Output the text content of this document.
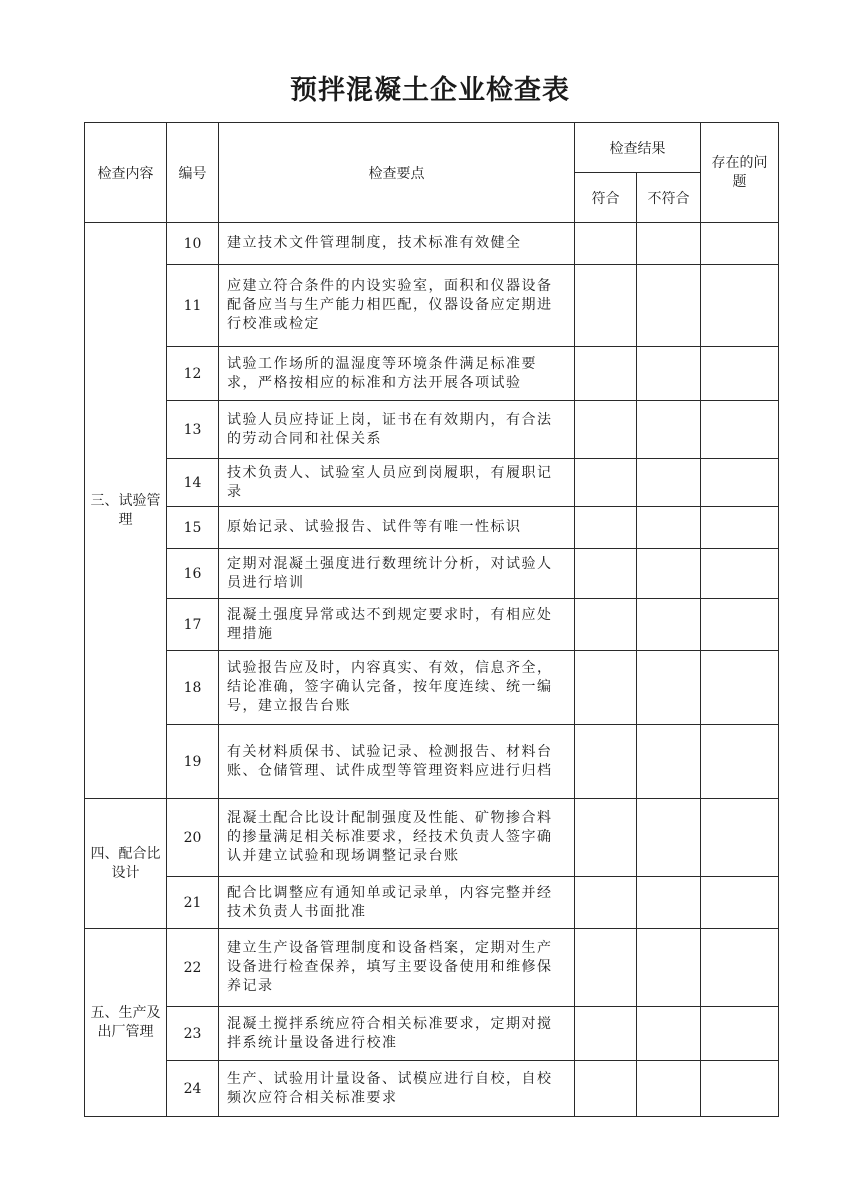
预拌混凝土企业检查表
检查内容	编号	检查要点	检查结果		存在的问题
			符合	不符合	
三、试验管理	10	建立技术文件管理制度，技术标准有效健全			
	11	应建立符合条件的内设实验室，面积和仪器设备配备应当与生产能力相匹配，仪器设备应定期进行校准或检定			
	12	试验工作场所的温湿度等环境条件满足标准要求，严格按相应的标准和方法开展各项试验			
	13	试验人员应持证上岗，证书在有效期内，有合法的劳动合同和社保关系			
	14	技术负责人、试验室人员应到岗履职，有履职记录			
	15	原始记录、试验报告、试件等有唯一性标识			
	16	定期对混凝土强度进行数理统计分析，对试验人员进行培训			
	17	混凝土强度异常或达不到规定要求时，有相应处理措施			
	18	试验报告应及时，内容真实、有效，信息齐全，结论准确，签字确认完备，按年度连续、统一编号，建立报告台账			
	19	有关材料质保书、试验记录、检测报告、材料台账、仓储管理、试件成型等管理资料应进行归档			
四、配合比设计	20	混凝土配合比设计配制强度及性能、矿物掺合料的掺量满足相关标准要求，经技术负责人签字确认并建立试验和现场调整记录台账			
	21	配合比调整应有通知单或记录单，内容完整并经技术负责人书面批准			
五、生产及出厂管理	22	建立生产设备管理制度和设备档案，定期对生产设备进行检查保养，填写主要设备使用和维修保养记录			
	23	混凝土搅拌系统应符合相关标准要求，定期对搅拌系统计量设备进行校准			
	24	生产、试验用计量设备、试模应进行自校，自校频次应符合相关标准要求			
